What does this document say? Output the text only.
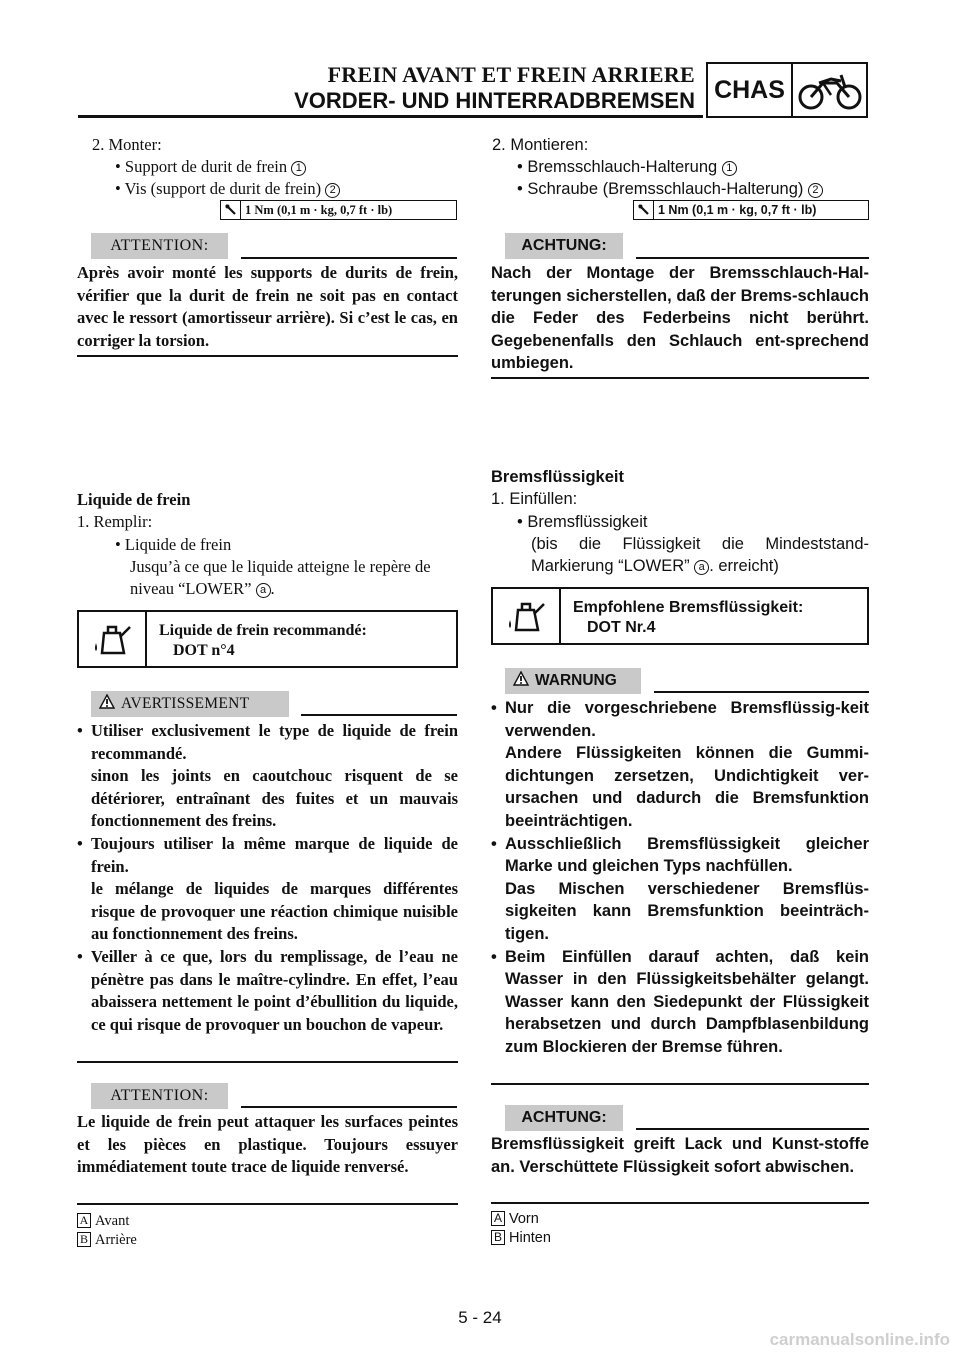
FREIN AVANT ET FREIN ARRIERE
VORDER- UND HINTERRADBREMSEN CHAS
2. Monter:
• Support de durit de frein 1
• Vis (support de durit de frein) 2
1 Nm (0,1 m · kg, 0,7 ft · lb)
ATTENTION:
Après avoir monté les supports de durits de frein, vérifier que la durit de frein ne soit pas en contact avec le ressort (amortisseur arrière). Si c’est le cas, en corriger la torsion.
Liquide de frein
1. Remplir:
• Liquide de frein
Jusqu’à ce que le liquide atteigne le repère de
niveau “LOWER” a .
Liquide de frein recommandé:
DOT n°4
AVERTISSEMENT

• Utiliser exclusivement le type de liquide de frein recommandé.

sinon les joints en caoutchouc risquent de se détériorer, entraînant des fuites et un mauvais fonctionnement des freins.

• Toujours utiliser la même marque de liquide de frein.

le mélange de liquides de marques différentes risque de provoquer une réaction chimique nuisible au fonctionnement des freins.

• Veiller à ce que, lors du remplissage, de l’eau ne pénètre pas dans le maître-cylindre. En effet, l’eau abaissera nettement le point d’ébullition du liquide, ce qui risque de provoquer un bouchon de vapeur.

ATTENTION:
Le liquide de frein peut attaquer les surfaces peintes et les pièces en plastique. Toujours essuyer immédiatement toute trace de liquide renversé.
A Avant
B Arrière
2. Montieren:
• Bremsschlauch-Halterung 1
• Schraube (Bremsschlauch-Halterung) 2
1 Nm (0,1 m · kg, 0,7 ft · lb)
ACHTUNG:
Nach der Montage der Bremsschlauch-Hal-terungen sicherstellen, daß der Brems-schlauch die Feder des Federbeins nicht berührt. Gegebenenfalls den Schlauch ent-sprechend umbiegen.
Bremsflüssigkeit
1. Einfüllen:
• Bremsflüssigkeit
(bis die Flüssigkeit die Mindeststand-
Markierung “LOWER” a . erreicht)
Empfohlene Bremsflüssigkeit:
DOT Nr.4
WARNUNG

• Nur die vorgeschriebene Bremsflüssig-keit verwenden.

Andere Flüssigkeiten können die Gummi-dichtungen zersetzen, Undichtigkeit ver-ursachen und dadurch die Bremsfunktion beeinträchtigen.

• Ausschließlich Bremsflüssigkeit gleicher Marke und gleichen Typs nachfüllen.

Das Mischen verschiedener Bremsflüs-sigkeiten kann Bremsfunktion beeinträch-tigen.

• Beim Einfüllen darauf achten, daß kein Wasser in den Flüssigkeitsbehälter gelangt. Wasser kann den Siedepunkt der Flüssigkeit herabsetzen und durch Dampfblasenbildung zum Blockieren der Bremse führen.

ACHTUNG:
Bremsflüssigkeit greift Lack und Kunst-stoffe an. Verschüttete Flüssigkeit sofort abwischen.
A Vorn
B Hinten
5 - 24
carmanualsonline.info
